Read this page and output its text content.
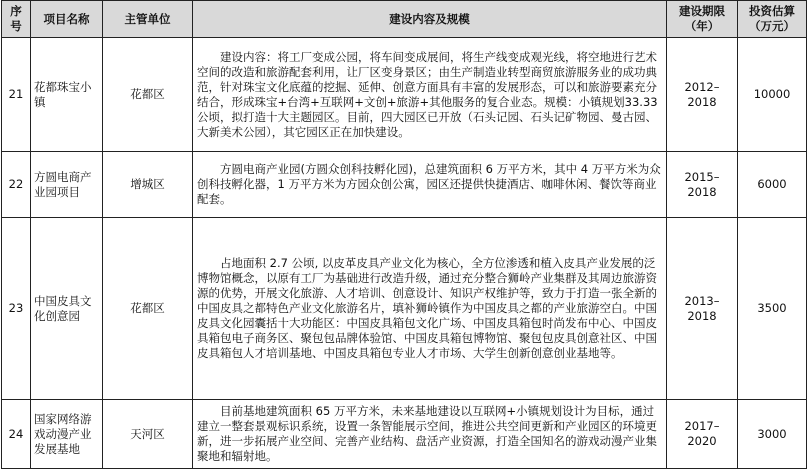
序号	项目名称	主管单位	建设内容及规模	建设期限（年）	投资估算（万元）
21	花都珠宝小镇	花都区	建设内容：将工厂变成公园，将车间变成展间，将生产线变成观光线，将空地进行艺术空间的改造和旅游配套利用，让厂区变身景区；由生产制造业转型商贸旅游服务业的成功典范，针对珠宝文化底蕴的挖掘、延伸、创意方面具有丰富的发展形态，可以和旅游要素充分结合，形成珠宝+台湾+互联网+文创+旅游+其他服务的复合业态。规模：小镇规划33.33 公顷，拟打造十大主题园区。目前，四大园区已开放（石头记园、石头记矿物园、曼古园、大新美术公园），其它园区正在加快建设。	2012–2018	10000
22	方圆电商产业园项目	增城区	方圆电商产业园(方圆众创科技孵化园)，总建筑面积 6 万平方米，其中 4 万平方米为众创科技孵化器，1 万平方米为方园众创公寓，园区还提供快捷酒店、咖啡休闲、餐饮等商业配套。	2015–2018	6000
23	中国皮具文化创意园	花都区	占地面积 2.7 公顷, 以皮革皮具产业文化为核心，全方位渗透和植入皮具产业发展的泛博物馆概念，以原有工厂为基础进行改造升级，通过充分整合狮岭产业集群及其周边旅游资源的优势，开展文化旅游、人才培训、创意设计、知识产权维护等，致力于打造一张全新的中国皮具之都特色产业文化旅游名片，填补狮岭镇作为中国皮具之都的产业旅游空白。中国皮具文化园囊括十大功能区：中国皮具箱包文化广场、中国皮具箱包时尚发布中心、中国皮具箱包电子商务区、聚包包品牌体验馆、中国皮具箱包博物馆、聚包包皮具创意社区、中国皮具箱包人才培训基地、中国皮具箱包专业人才市场、大学生创新创意创业基地等。	2013–2018	3500
24	国家网络游戏动漫产业发展基地	天河区	目前基地建筑面积 65 万平方米，未来基地建设以互联网+小镇规划设计为目标，通过建立一整套景观标识系统，设置一条智能展示空间，推进公共空间更新和产业园区的环境更新，进一步拓展产业空间、完善产业结构、盘活产业资源，打造全国知名的游戏动漫产业集聚地和辐射地。	2017–2020	3000
